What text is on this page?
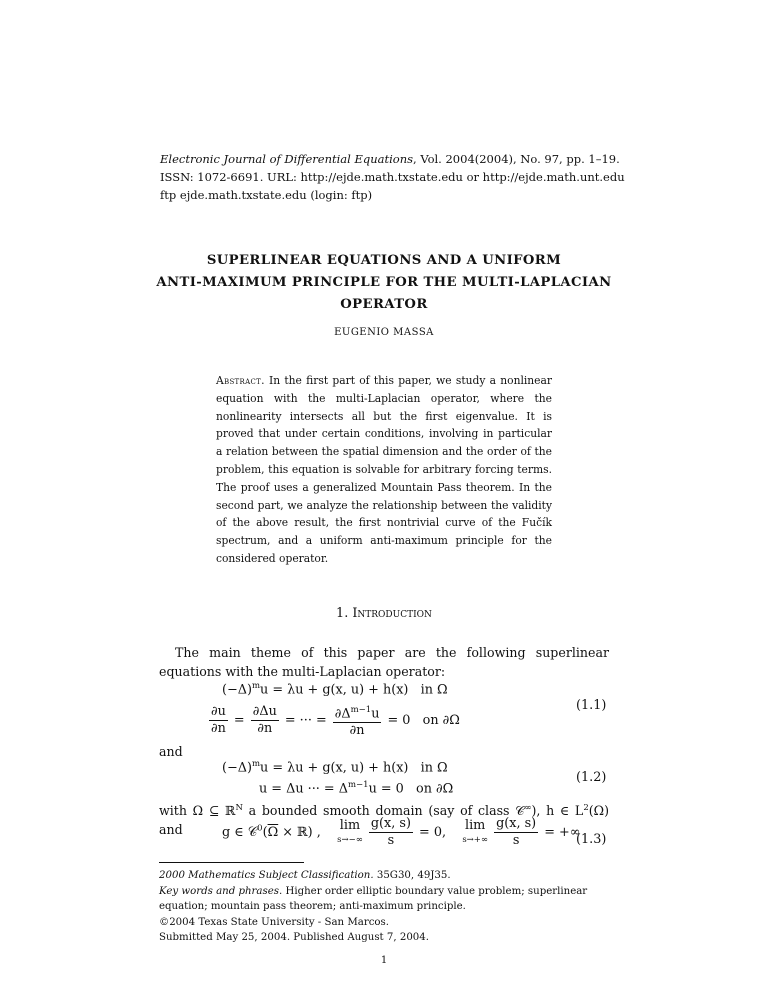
Electronic Journal of Differential Equations, Vol. 2004(2004), No. 97, pp. 1–19.
ISSN: 1072-6691. URL: http://ejde.math.txstate.edu or http://ejde.math.unt.edu
ftp ejde.math.txstate.edu (login: ftp)
SUPERLINEAR EQUATIONS AND A UNIFORM
ANTI-MAXIMUM PRINCIPLE FOR THE MULTI-LAPLACIAN
OPERATOR
EUGENIO MASSA
Abstract. In the first part of this paper, we study a nonlinear equation with the multi-Laplacian operator, where the nonlinearity intersects all but the first eigenvalue. It is proved that under certain conditions, involving in particular a relation between the spatial dimension and the order of the problem, this equation is solvable for arbitrary forcing terms. The proof uses a generalized Mountain Pass theorem. In the second part, we analyze the relationship between the validity of the above result, the first nontrivial curve of the Fučík spectrum, and a uniform anti-maximum principle for the considered operator.
1. Introduction
The main theme of this paper are the following superlinear equations with the multi-Laplacian operator:
$(-\Delta)^mu = \lambda u + g(x$, u) + h(x)   in Ω
$\frac{\partial u}{\partial n} = \frac{\partial\Delta u}{\partial n}$ = ··· = $\frac{\partial\Delta^{m-1}u}{\partial n} = 0$   on ∂Ω
(1.1)
and
$(-\Delta)^mu = \lambda u + g(x$, u) + h(x)   in Ω
u = Δu ··· = $\Delta^{m-1}u = 0$   on ∂Ω
(1.2)
with Ω ⊆ ℝ$^N$ a bounded smooth domain (say of class 𝒞∞), h ∈ $L^2(\Omega)$ and	g ∈ $𝒞^0(\overline{\Omega}$ × ℝ) ,    lim
s→−∞
$\frac{g(x, s)}{s} = 0$,    lim
s→+∞
$\frac{g(x, s)}{s}$ = +∞
(1.3)
2000 Mathematics Subject Classification. 35G30, 49J35.
Key words and phrases. Higher order elliptic boundary value problem; superlinear equation; mountain pass theorem; anti-maximum principle.
©2004 Texas State University - San Marcos.
Submitted May 25, 2004. Published August 7, 2004.
1
